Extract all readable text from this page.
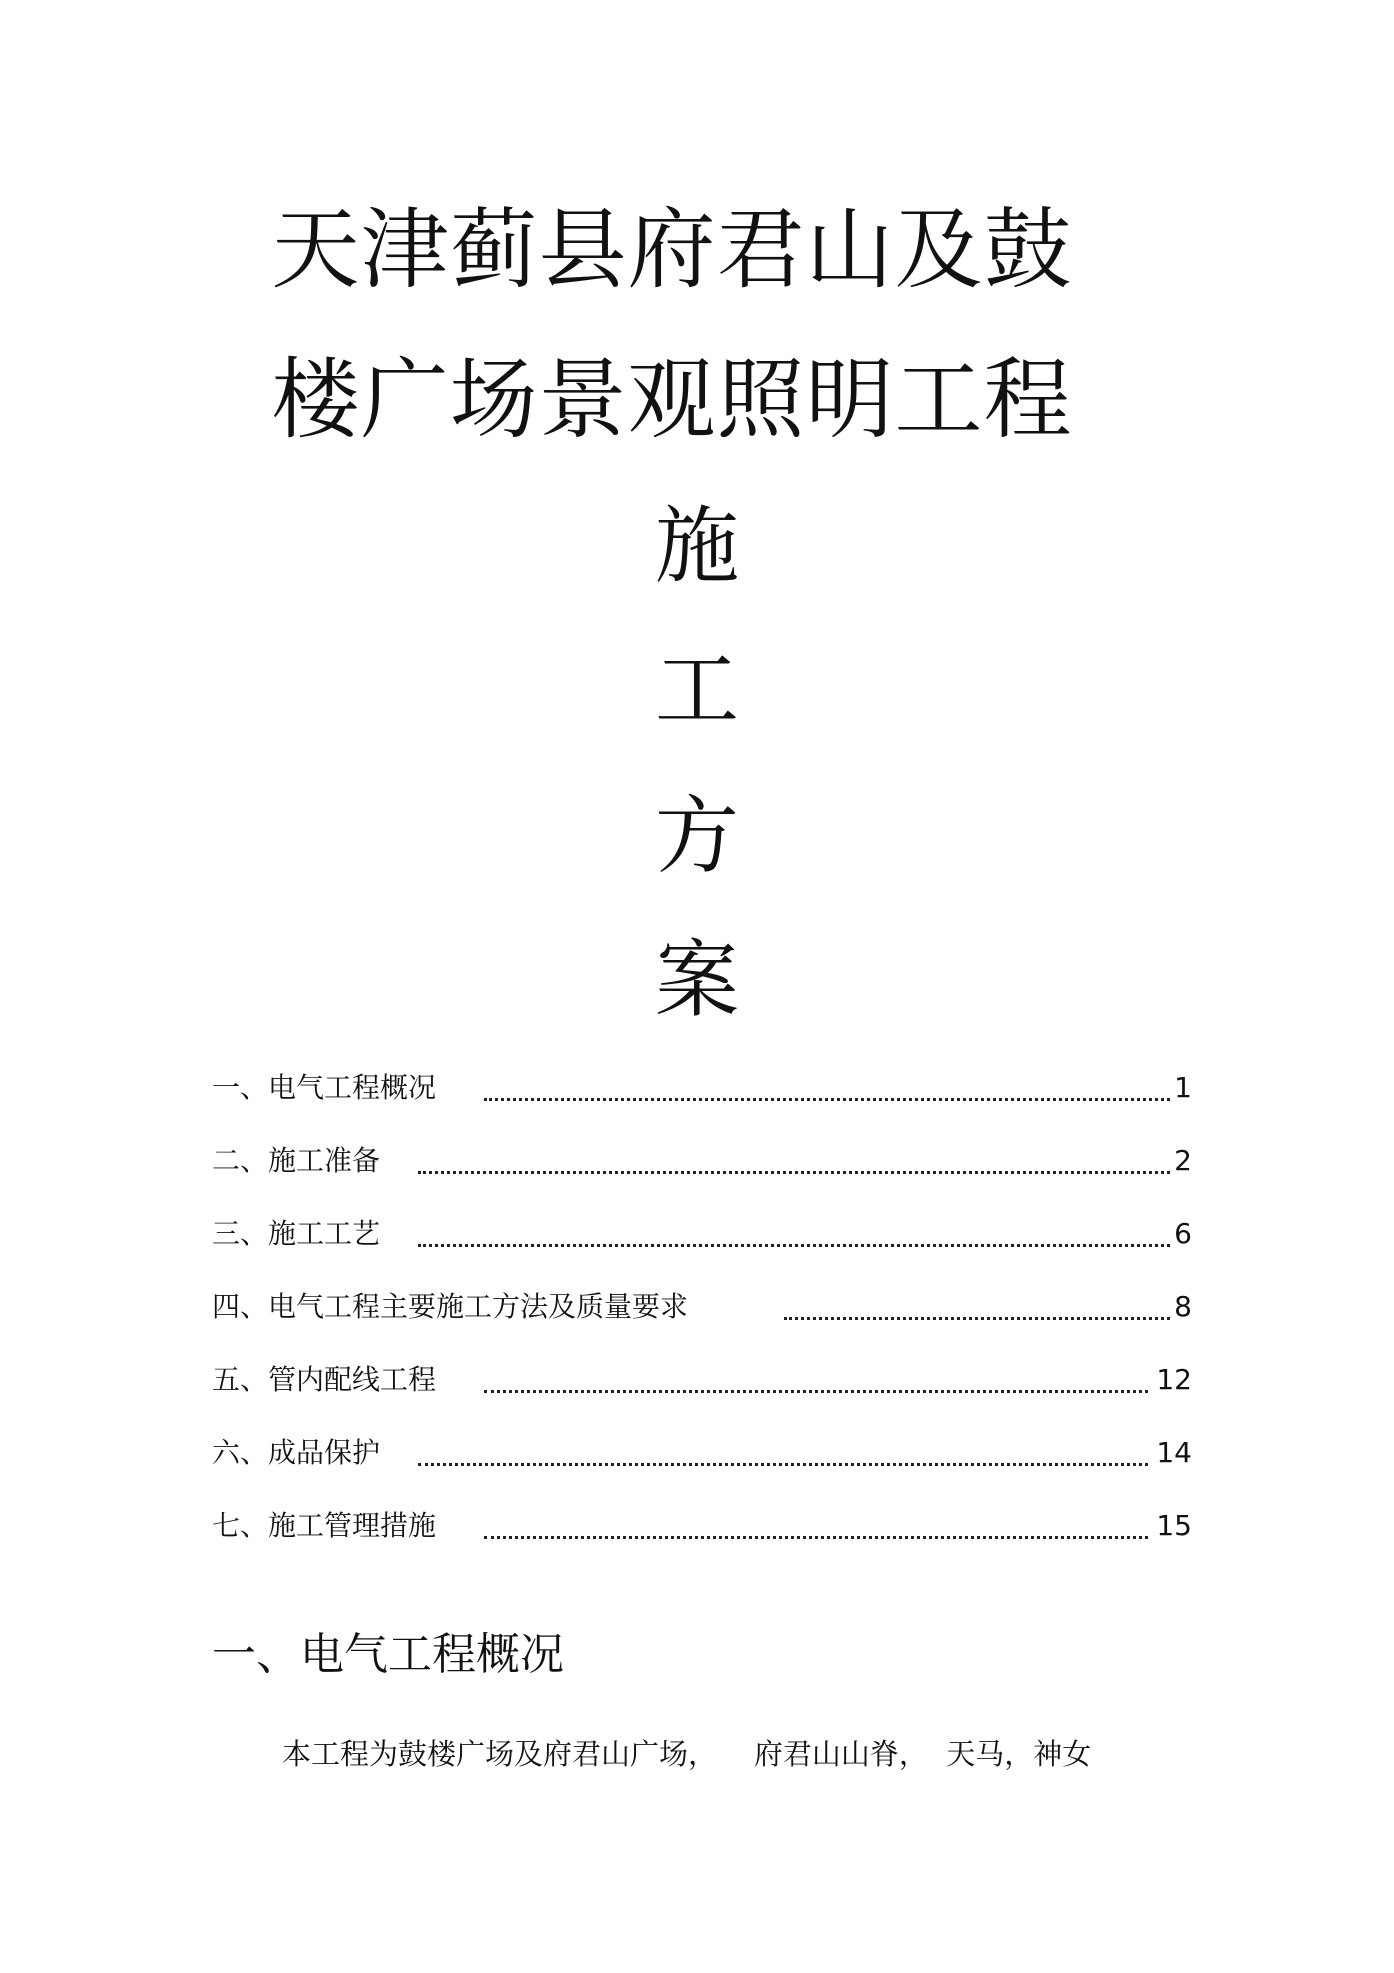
天津蓟县府君山及鼓
楼广场景观照明工程
施
工
方
案
一、电气工程概况	1
二、施工准备	2
三、施工工艺	6
四、电气工程主要施工方法及质量要求	8
五、管内配线工程	12
六、成品保护	14
七、施工管理措施	15
一、电气工程概况

本工程为鼓楼广场及府君山广场，    府君山山脊，  天马，神女
